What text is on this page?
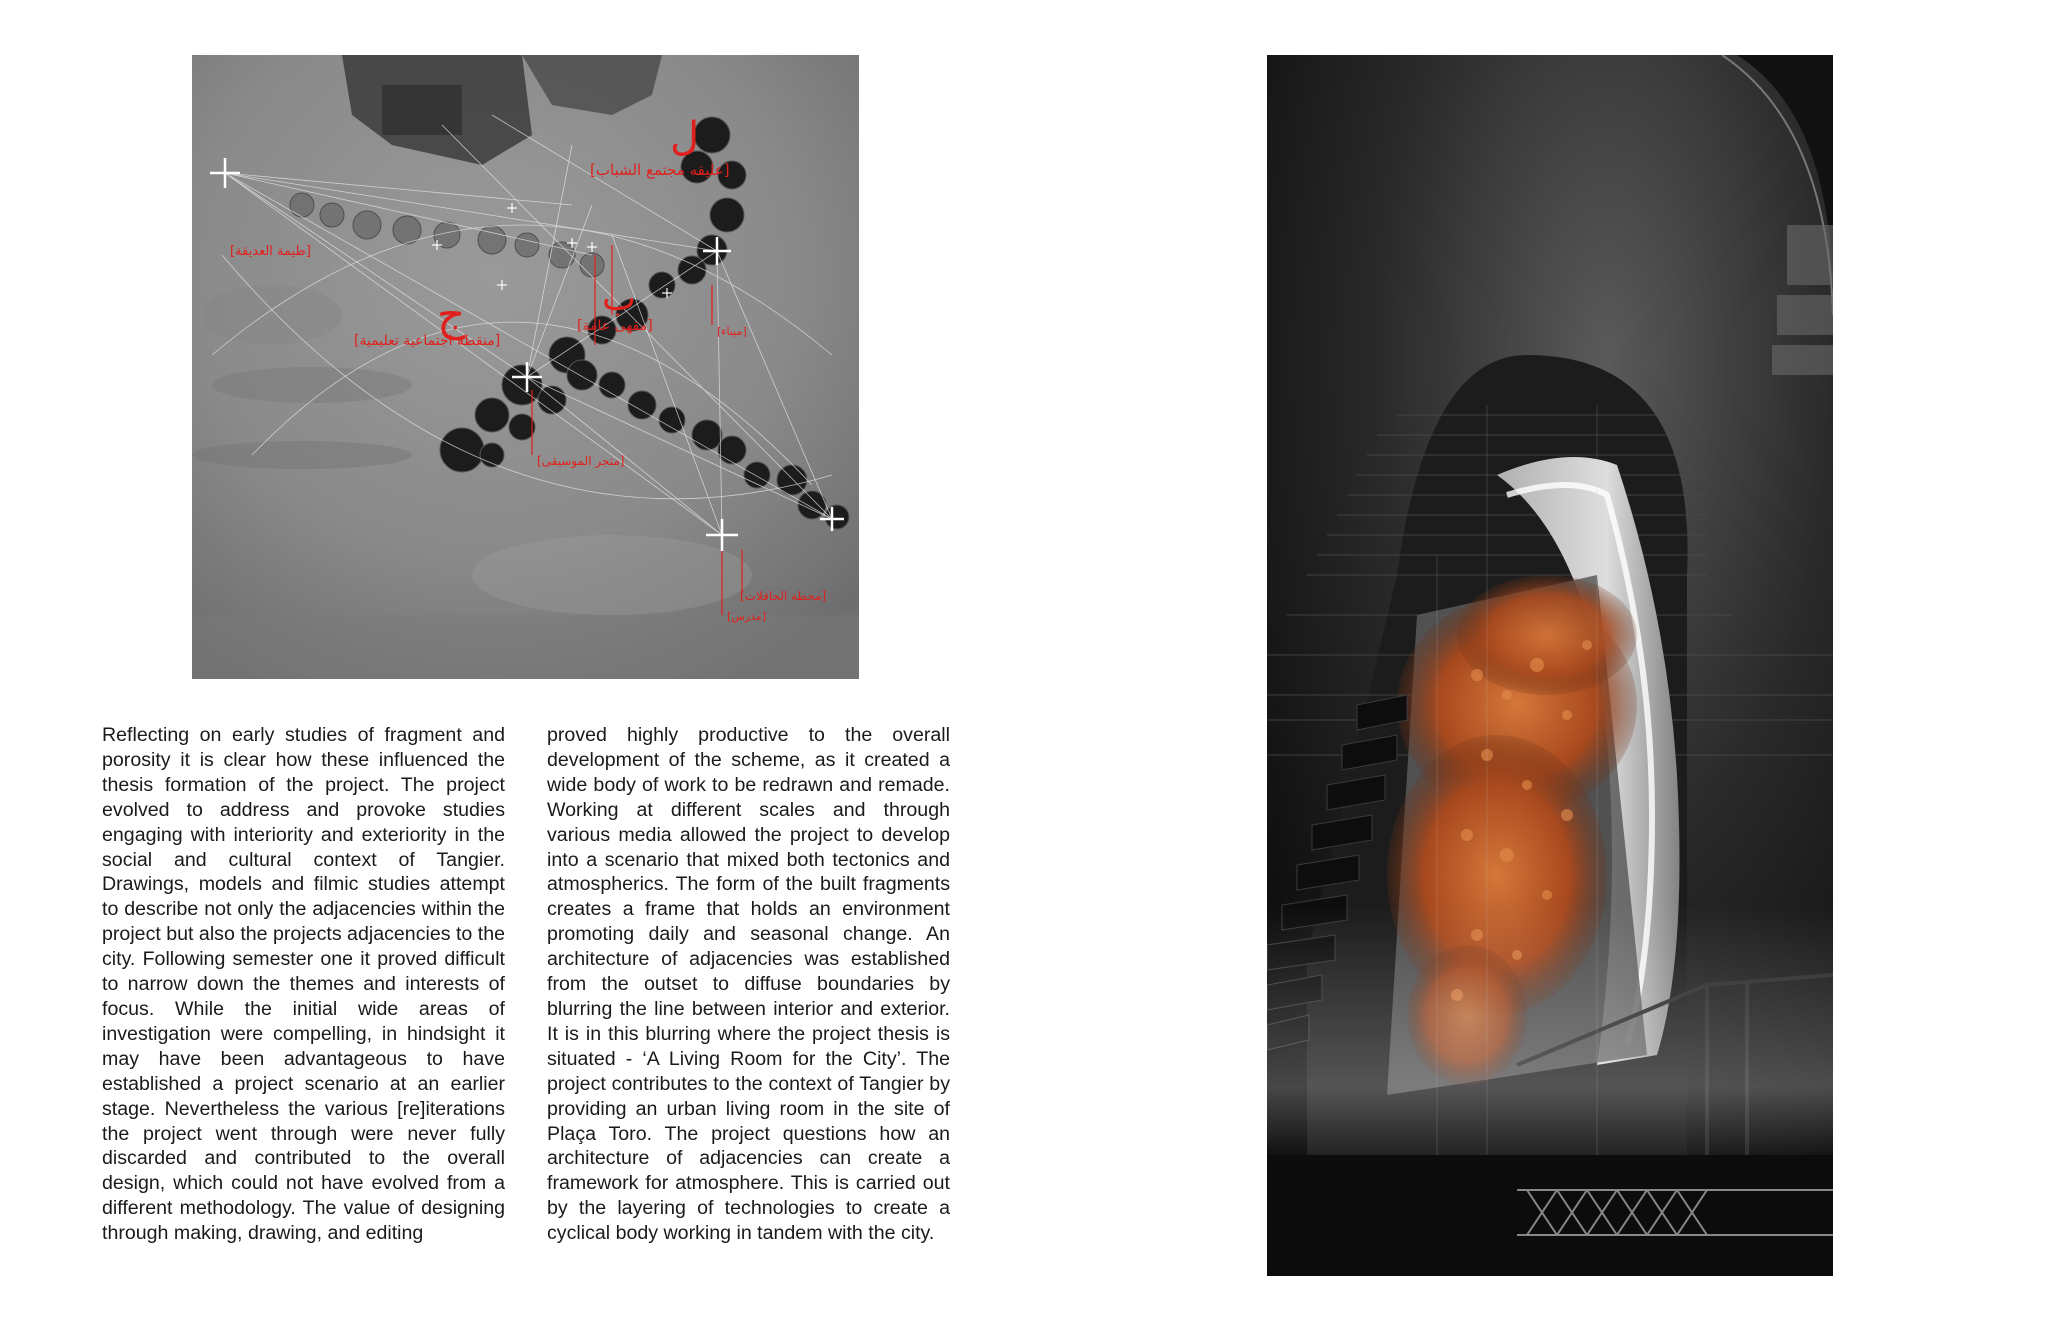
ل
ب
ج
[عليقه مجتمع الشباب]
[طيمة العديقة]
[منقطة اجتماعية تعليمية]
[مقهى عامة]	[ميناء]
[متجر الموسيقى]
[محطة الحافلات]
[مدرس]
Reflecting on early studies of fragment and porosity it is clear how these influenced the thesis formation of the project. The project evolved to address and provoke studies engaging with interiority and exteriority in the social and cultural context of Tangier. Drawings, models and filmic studies attempt to describe not only the adjacencies within the project but also the projects adjacencies to the city. Following semester one it proved difficult to narrow down the themes and interests of focus. While the initial wide areas of investigation were compelling, in hindsight it may have been advantageous to have established a project scenario at an earlier stage. Nevertheless the various [re]iterations the project went through were never fully discarded and contributed to the overall design, which could not have evolved from a different methodology. The value of designing through making, drawing, and editing
proved highly productive to the overall development of the scheme, as it created a wide body of work to be redrawn and remade. Working at different scales and through various media allowed the project to develop into a scenario that mixed both tectonics and atmospherics. The form of the built fragments creates a frame that holds an environment promoting daily and seasonal change. An architecture of adjacencies was established from the outset to diffuse boundaries by blurring the line between interior and exterior. It is in this blurring where the project thesis is situated - ‘A Living Room for the City’. The project contributes to the context of Tangier by providing an urban living room in the site of Plaça Toro. The project questions how an architecture of adjacencies can create a framework for atmosphere. This is carried out by the layering of technologies to create a cyclical body working in tandem with the city.
